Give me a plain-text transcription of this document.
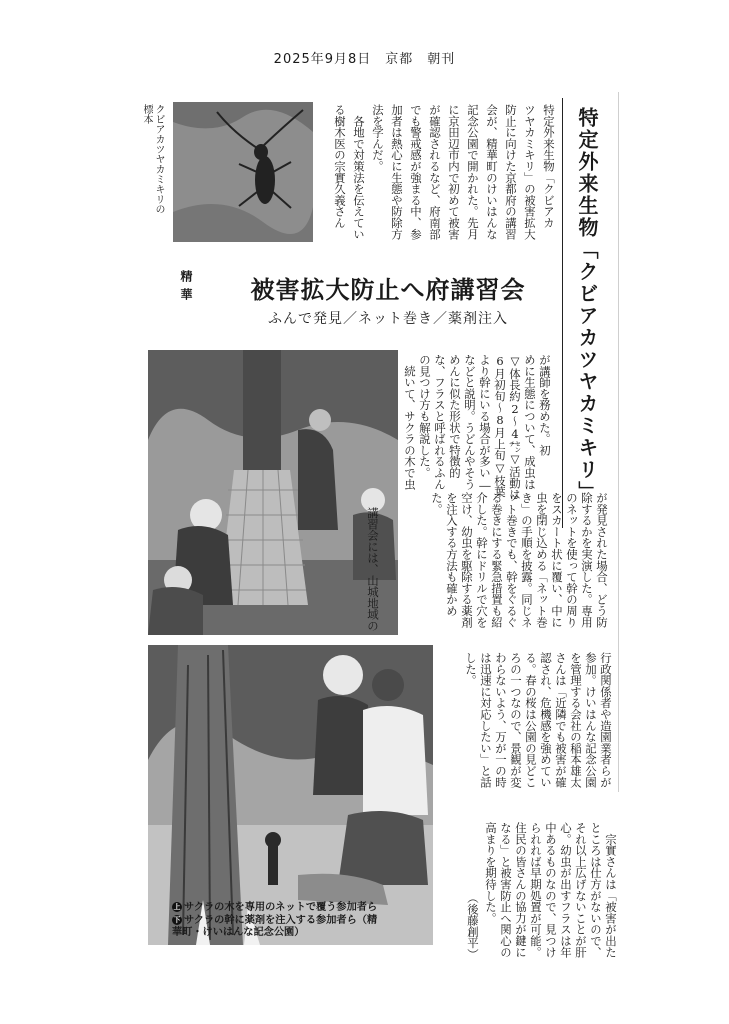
2025年9月8日　京都　朝刊
特定外来生物「クビアカツヤカミキリ」
特定外来生物「クビアカ
ツヤカミキリ」の被害拡大
防止に向けた京都府の講習
会が、精華町のけいはんな
記念公園で開かれた。先月
に京田辺市内で初めて被害
が確認されるなど、府南部
でも警戒感が強まる中、参
加者は熱心に生態や防除方
法を学んだ。
　各地で対策法を伝えてい
る樹木医の宗實久義さん
クビアカツヤカミキリの
標本
精華	被害拡大防止へ府講習会
ふんで発見／ネット巻き／薬剤注入
が講師を務めた。初
めに生態について、成虫は
▽体長約2～4㌢▽活動は
6月初旬～8月上旬▽枝葉
より幹にいる場合が多い―
などと説明。うどんやそう
めんに似た形状で特徴的
な、フラスと呼ばれるふん
の見つけ方も解説した。
　続いて、サクラの木で虫
講習会には、山城地域の	が発見された場合、どう防
除するかを実演した。専用
のネットを使って幹の周り
をスカート状に覆い、中に
虫を閉じ込める「ネット巻
き」の手順を披露。同じネ
ット巻きでも、幹をぐるぐ
る巻きにする緊急措置も紹
介した。幹にドリルで穴を
空け、幼虫を駆除する薬剤
を注入する方法も確かめ
た。
行政関係者や造園業者らが
参加。けいはんな記念公園
を管理する会社の稲本雄太
さんは「近隣でも被害が確
認され、危機感を強めてい
る。春の桜は公園の見どこ
ろの一つなので、景観が変
わらないよう、万が一の時
は迅速に対応したい」と話
した。
　宗實さんは「被害が出た
ところは仕方がないので、
それ以上広げないことが肝
心。幼虫が出すフラスは年
中あるものなので、見つけ
られれば早期処置が可能。
住民の皆さんの協力が鍵に
なる」と被害防止へ関心の
高まりを期待した。
（後藤創平）
上 サクラの木を専用のネットで覆う参加者ら
下 サクラの幹に薬剤を注入する参加者ら（精
華町・けいはんな記念公園）
